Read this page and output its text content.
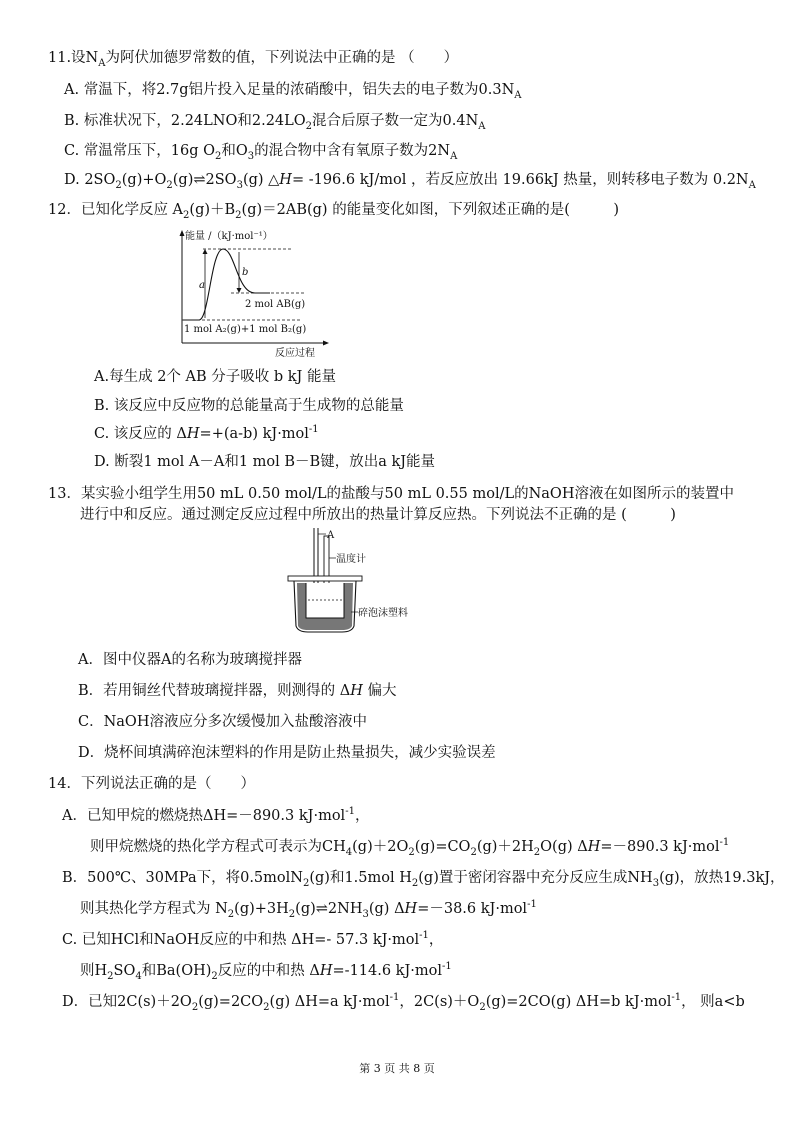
11.设$N_A$为阿伏加德罗常数的值，下列说法中正确的是 （　　）
A. 常温下，将2.7g铝片投入足量的浓硝酸中，铝失去的电子数为$0.3N_A$
B. 标准状况下，2.24LNO和$2.24LO_2$混合后原子数一定为$0.4N_A$
C. 常温常压下，16g $O_2$和$O_3$的混合物中含有氧原子数为$2N_A$
D. $2SO_2(g)+O_2(g)\rightleftharpoons 2SO_3(g)$ △H= -196.6 kJ/mol ，若反应放出 19.66kJ 热量，则转移电子数为 $0.2N_A$
12．已知化学反应 $A_2(g)+B_2(g)=2AB(g)$ 的能量变化如图，下列叙述正确的是(　　　)
能量 /（kJ·mol⁻¹）
反应过程
a
b
2 mol AB(g)
1 mol A₂(g)+1 mol B₂(g)
A.每生成 2个 AB 分子吸收 b kJ 能量
B. 该反应中反应物的总能量高于生成物的总能量
C. 该反应的 ΔH=+(a-b) kJ·mol$^{-1}$
D. 断裂1 mol A－A和1 mol B－B键，放出a kJ能量
13．某实验小组学生用50 mL 0.50 mol/L的盐酸与50 mL 0.55 mol/L的NaOH溶液在如图所示的装置中
进行中和反应。通过测定反应过程中所放出的热量计算反应热。下列说法不正确的是 (　　　)
A
温度计
碎泡沫塑料
A．图中仪器A的名称为玻璃搅拌器
B．若用铜丝代替玻璃搅拌器，则测得的 ΔH 偏大
C．NaOH溶液应分多次缓慢加入盐酸溶液中
D．烧杯间填满碎泡沫塑料的作用是防止热量损失，减少实验误差
14．下列说法正确的是（　　）
A．已知甲烷的燃烧热ΔH=－890.3 kJ·mol$^{-1}$，
则甲烷燃烧的热化学方程式可表示为$CH_4(g)+2O_2(g)=CO_2(g)+2H_2O(g)$ ΔH=－890.3 kJ·mol$^{-1}$
B．500℃、30MPa下，将0.5molN$_2$(g)和1.5mol $H_2(g)$置于密闭容器中充分反应生成$NH_3(g)$，放热19.3kJ，
则其热化学方程式为 $N_2(g)+3H_2(g)\rightleftharpoons 2NH_3(g)$ ΔH=－38.6 kJ·mol$^{-1}$
C. 已知HCl和NaOH反应的中和热 ΔH=- 57.3 kJ·mol$^{-1}$，
则$H_2SO_4$和$Ba(OH)_2$反应的中和热 ΔH=-114.6 kJ·mol$^{-1}$
D．已知$2C(s)+2O_2(g)=2CO_2(g)$ ΔH=a kJ·mol$^{-1}$，$2C(s)+O_2(g)=2CO(g)$ ΔH=b kJ·mol$^{-1}$， 则a<b
第 3 页 共 8 页
